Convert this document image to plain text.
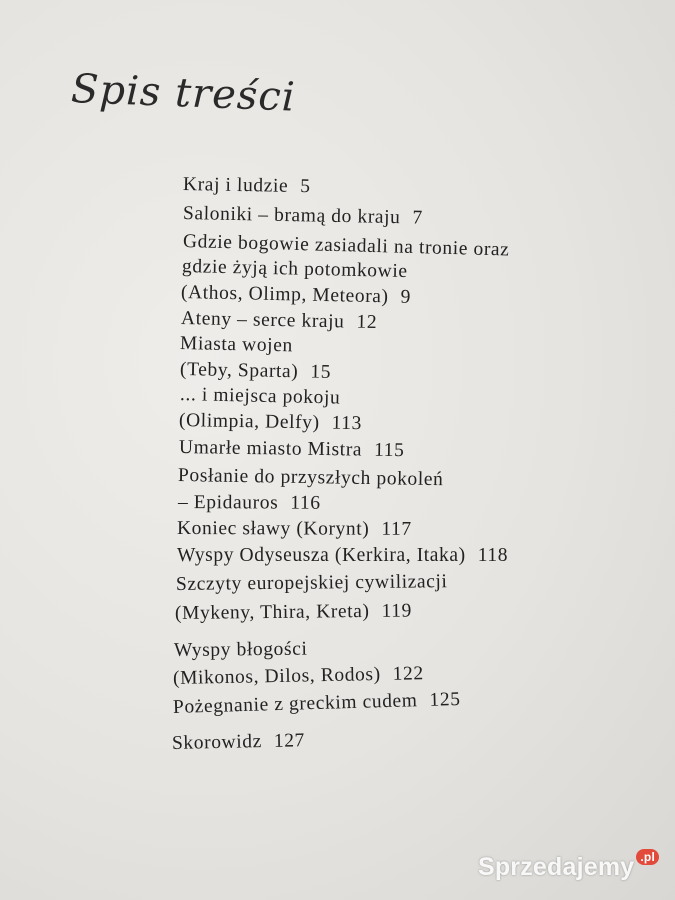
Spis treści
Kraj i ludzie 5
Saloniki – bramą do kraju 7
Gdzie bogowie zasiadali na tronie oraz
gdzie żyją ich potomkowie
(Athos, Olimp, Meteora) 9
Ateny – serce kraju 12
Miasta wojen
(Teby, Sparta) 15
... i miejsca pokoju
(Olimpia, Delfy) 113
Umarłe miasto Mistra 115
Posłanie do przyszłych pokoleń
– Epidauros 116
Koniec sławy (Korynt) 117
Wyspy Odyseusza (Kerkira, Itaka) 118
Szczyty europejskiej cywilizacji
(Mykeny, Thira, Kreta) 119
Wyspy błogości
(Mikonos, Dilos, Rodos) 122
Pożegnanie z greckim cudem 125
Skorowidz 127
Sprzedajemy $^{.pl}$
